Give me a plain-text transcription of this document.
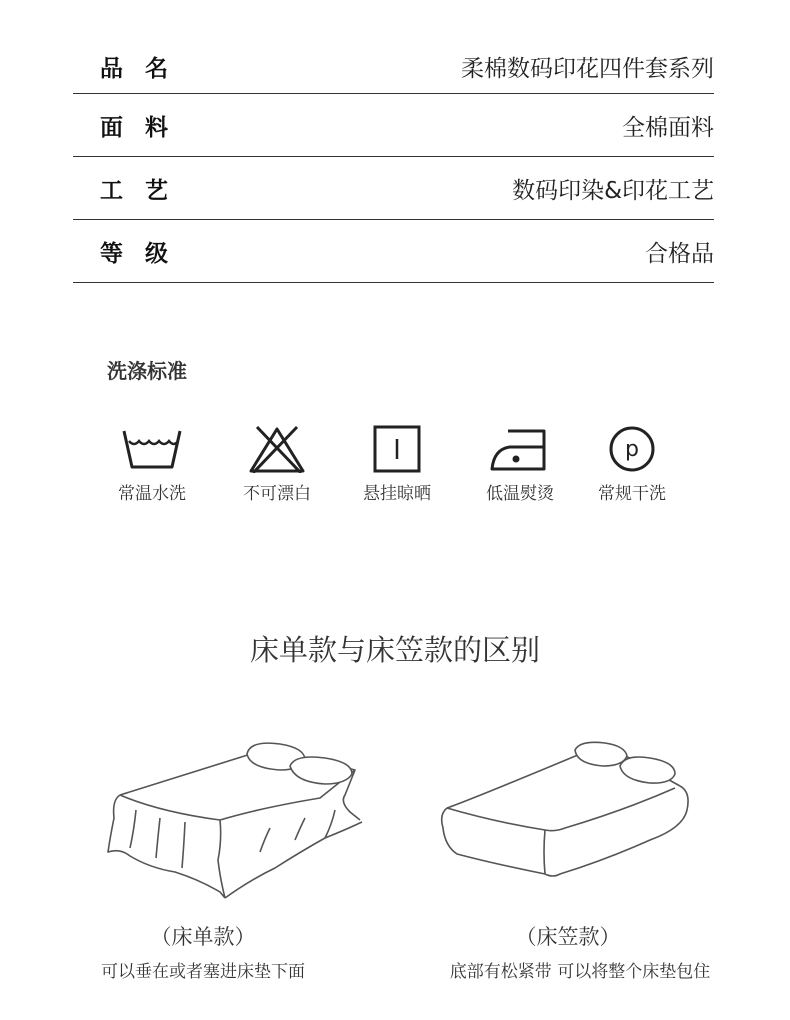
品名	柔棉数码印花四件套系列
面料	全棉面料
工艺	数码印染&印花工艺
等级	合格品
洗涤标准
常温水洗	不可漂白	悬挂晾晒	低温熨烫
p
常规干洗
床单款与床笠款的区别
（床单款）
可以垂在或者塞进床垫下面
（床笠款）
底部有松紧带 可以将整个床垫包住
